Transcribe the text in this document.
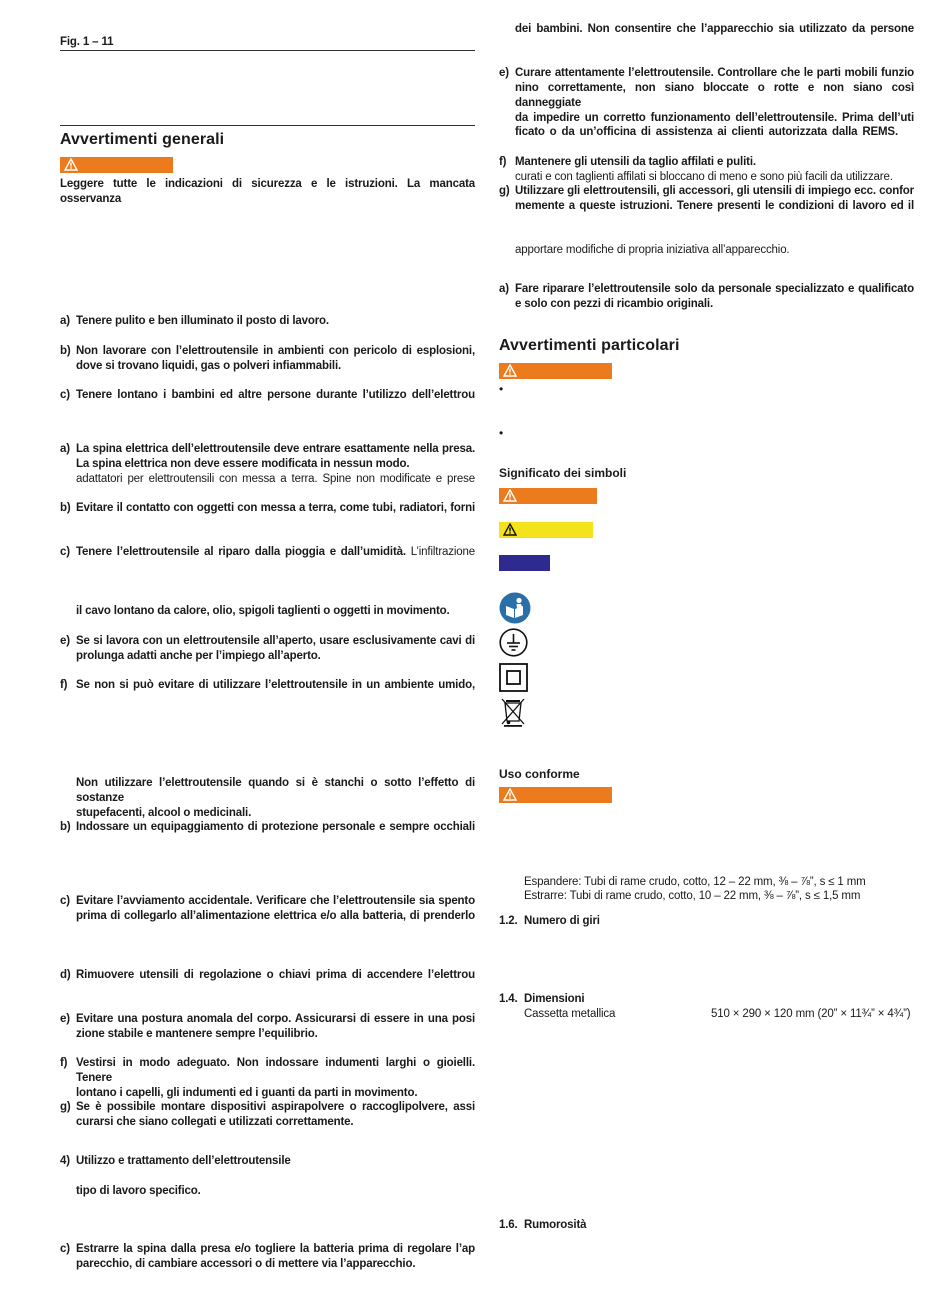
Fig. 1 – 11
Avvertimenti generali
Leggere tutte le indicazioni di sicurezza e le istruzioni. La mancata osservanza
a) Tenere pulito e ben illuminato il posto di lavoro.
b) Non lavorare con l’elettroutensile in ambienti con pericolo di esplosioni,
dove si trovano liquidi, gas o polveri infiammabili.
c) Tenere lontano i bambini ed altre persone durante l’utilizzo dell’elettrou
a) La spina elettrica dell’elettroutensile deve entrare esattamente nella presa.
La spina elettrica non deve essere modificata in nessun modo.
adattatori per elettroutensili con messa a terra. Spine non modificate e prese
b) Evitare il contatto con oggetti con messa a terra, come tubi, radiatori, forni
c) Tenere l’elettroutensile al riparo dalla pioggia e dall’umidità. L’infiltrazione
il cavo lontano da calore, olio, spigoli taglienti o oggetti in movimento.
e) Se si lavora con un elettroutensile all’aperto, usare esclusivamente cavi di
prolunga adatti anche per l’impiego all’aperto.
f) Se non si può evitare di utilizzare l’elettroutensile in un ambiente umido,
Non utilizzare l’elettroutensile quando si è stanchi o sotto l’effetto di sostanze
stupefacenti, alcool o medicinali.
b) Indossare un equipaggiamento di protezione personale e sempre occhiali
c) Evitare l’avviamento accidentale. Verificare che l’elettroutensile sia spento
prima di collegarlo all’alimentazione elettrica e/o alla batteria, di prenderlo
d) Rimuovere utensili di regolazione o chiavi prima di accendere l’elettrou
e) Evitare una postura anomala del corpo. Assicurarsi di essere in una posi
zione stabile e mantenere sempre l’equilibrio.
f) Vestirsi in modo adeguato. Non indossare indumenti larghi o gioielli. Tenere
lontano i capelli, gli indumenti ed i guanti da parti in movimento.
g) Se è possibile montare dispositivi aspirapolvere o raccoglipolvere, assi
curarsi che siano collegati e utilizzati correttamente.
4) Utilizzo e trattamento dell’elettroutensile
tipo di lavoro specifico.
c) Estrarre la spina dalla presa e/o togliere la batteria prima di regolare l’ap
parecchio, di cambiare accessori o di mettere via l’apparecchio.
dei bambini. Non consentire che l’apparecchio sia utilizzato da persone
e) Curare attentamente l’elettroutensile. Controllare che le parti mobili funzio
nino correttamente, non siano bloccate o rotte e non siano così danneggiate
da impedire un corretto funzionamento dell’elettroutensile. Prima dell’uti
ficato o da un’officina di assistenza ai clienti autorizzata dalla REMS.
f) Mantenere gli utensili da taglio affilati e puliti.
curati e con taglienti affilati si bloccano di meno e sono più facili da utilizzare.
g) Utilizzare gli elettroutensili, gli accessori, gli utensili di impiego ecc. confor
memente a queste istruzioni. Tenere presenti le condizioni di lavoro ed il
apportare modifiche di propria iniziativa all’apparecchio.
a) Fare riparare l’elettroutensile solo da personale specializzato e qualificato
e solo con pezzi di ricambio originali.
Avvertimenti particolari
•
•
Significato dei simboli
Uso conforme
Espandere: Tubi di rame crudo, cotto, 12 – 22 mm, ⅜ – ⅞”, s ≤ 1 mm
Estrarre: Tubi di rame crudo, cotto, 10 – 22 mm, ⅜ – ⅞”, s ≤ 1,5 mm
1.2. Numero di giri
1.4. Dimensioni
Cassetta metallica	510 × 290 × 120 mm (20” × 11¾” × 4¾”)
1.6. Rumorosità
